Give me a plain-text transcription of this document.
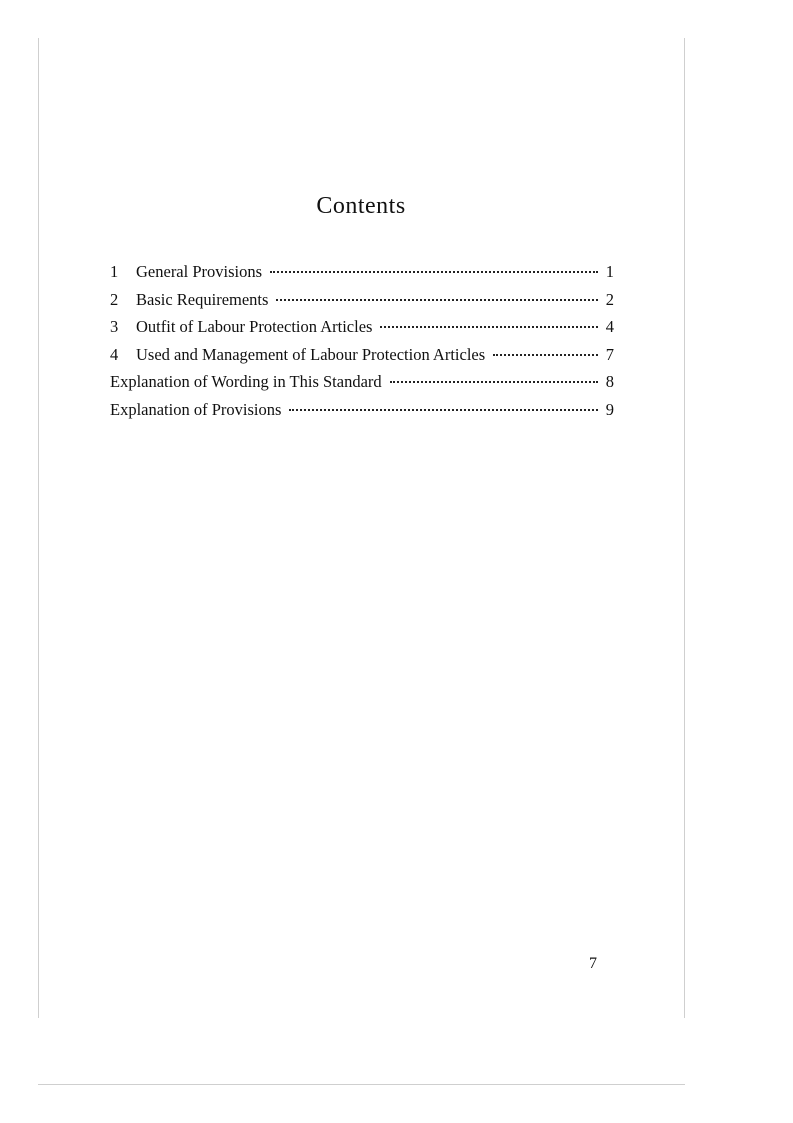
Contents
1	General Provisions	1
2	Basic Requirements	2
3	Outfit of Labour Protection Articles	4
4	Used and Management of Labour Protection Articles	7
Explanation of Wording in This Standard	8
Explanation of Provisions	9
7
